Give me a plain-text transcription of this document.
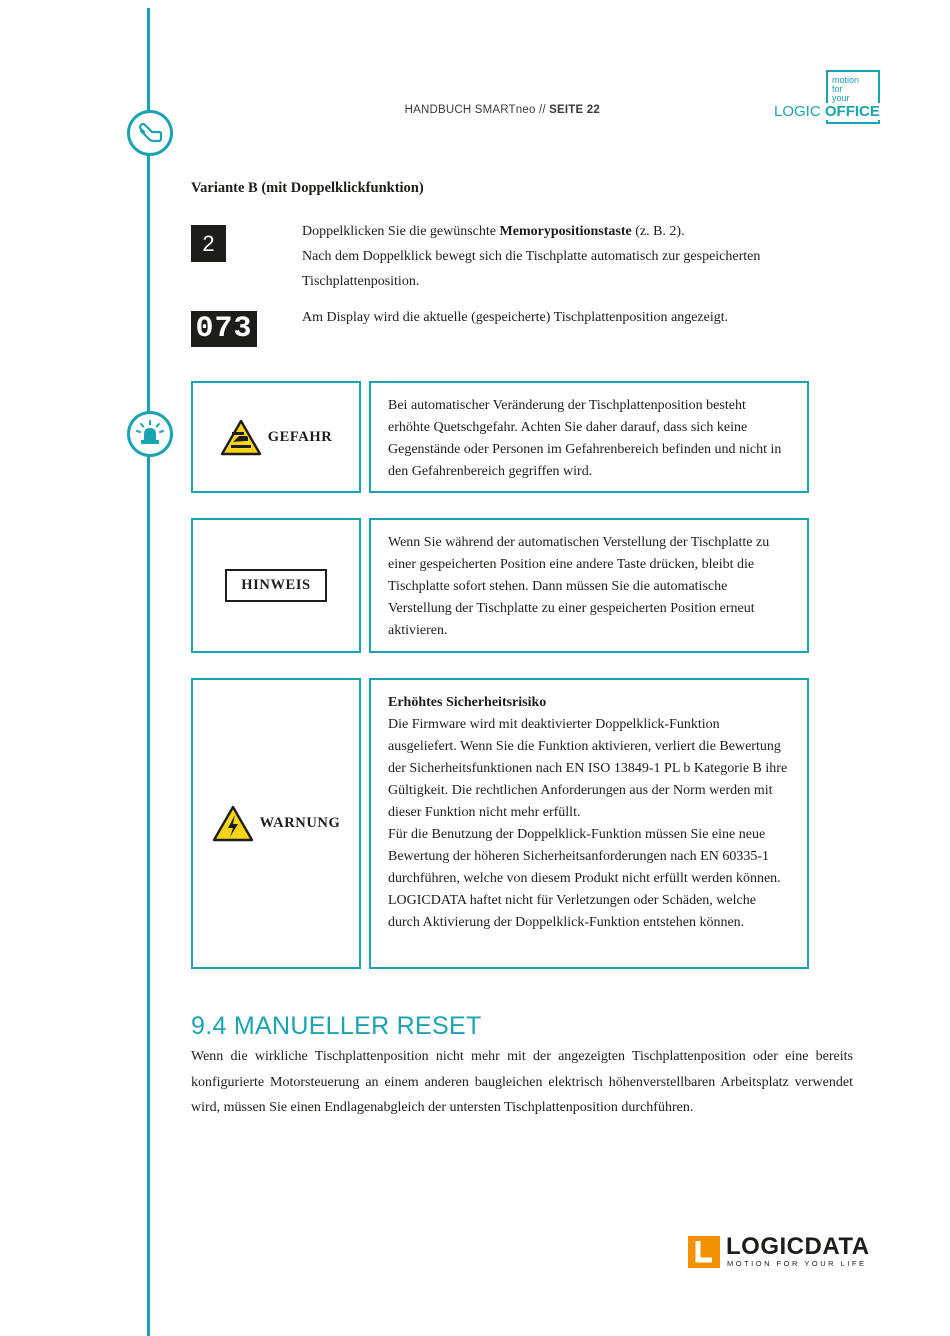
HANDBUCH SMARTneo // SEITE 22
motion
for
your
LOGIC OFFICE
Variante B (mit Doppelklickfunktion)
2	Doppelklicken Sie die gewünschte Memorypositionstaste (z. B. 2).
Nach dem Doppelklick bewegt sich die Tischplatte automatisch zur gespeicherten Tischplattenposition.
073	Am Display wird die aktuelle (gespeicherte) Tischplattenposition angezeigt.
GEFAHR

Bei automatischer Veränderung der Tischplattenposition besteht erhöhte Quetschgefahr. Achten Sie daher darauf, dass sich keine Gegenstände oder Personen im Gefahrenbereich befinden und nicht in den Gefahrenbereich gegriffen wird.

HINWEIS

Wenn Sie während der automatischen Verstellung der Tischplatte zu einer gespeicherten Position eine andere Taste drücken, bleibt die Tischplatte sofort stehen. Dann müssen Sie die automatische Verstellung der Tischplatte zu einer gespeicherten Position erneut aktivieren.

WARNUNG

Erhöhtes Sicherheitsrisiko

Die Firmware wird mit deaktivierter Doppelklick-Funktion ausgeliefert. Wenn Sie die Funktion aktivieren, verliert die Bewertung der Sicherheitsfunktionen nach EN ISO 13849-1 PL b Kategorie B ihre Gültigkeit. Die rechtlichen Anforderungen aus der Norm werden mit dieser Funktion nicht mehr erfüllt.

Für die Benutzung der Doppelklick-Funktion müssen Sie eine neue Bewertung der höheren Sicherheitsanforderungen nach EN 60335-1 durchführen, welche von diesem Produkt nicht erfüllt werden können. LOGICDATA haftet nicht für Verletzungen oder Schäden, welche durch Aktivierung der Doppelklick-Funktion entstehen können.

9.4 MANUELLER RESET
Wenn die wirkliche Tischplattenposition nicht mehr mit der angezeigten Tischplattenposition oder eine bereits konfigurierte Motorsteuerung an einem anderen baugleichen elektrisch höhenverstellbaren Arbeitsplatz verwendet wird, müssen Sie einen Endlagenabgleich der untersten Tischplattenposition durchführen.
LOGICDATA
MOTION FOR YOUR LIFE
